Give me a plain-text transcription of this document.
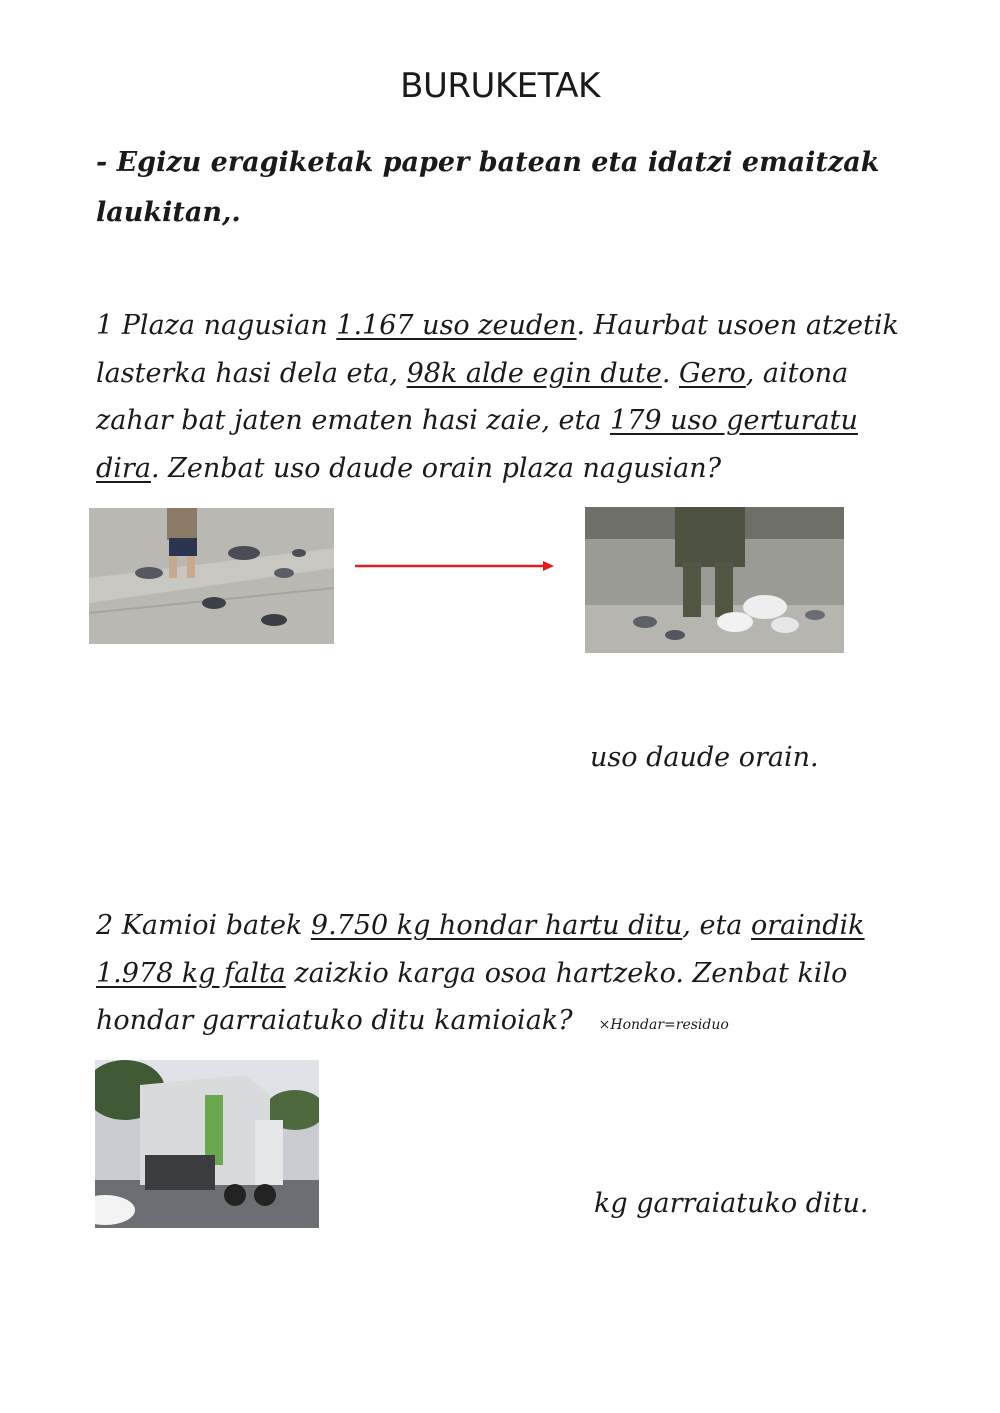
BURUKETAK
- Egizu eragiketak paper batean eta idatzi emaitzak laukitan,.
1 Plaza nagusian 1.167 uso zeuden. Haurbat usoen atzetik lasterka hasi dela eta, 98k alde egin dute. Gero, aitona zahar bat jaten ematen hasi zaie, eta 179 uso gerturatu dira. Zenbat uso daude orain plaza nagusian?
uso daude orain.
2 Kamioi batek 9.750 kg hondar hartu ditu, eta oraindik 1.978 kg falta zaizkio karga osoa hartzeko. Zenbat kilo hondar garraiatuko ditu kamioiak? ×Hondar=residuo
kg garraiatuko ditu.
